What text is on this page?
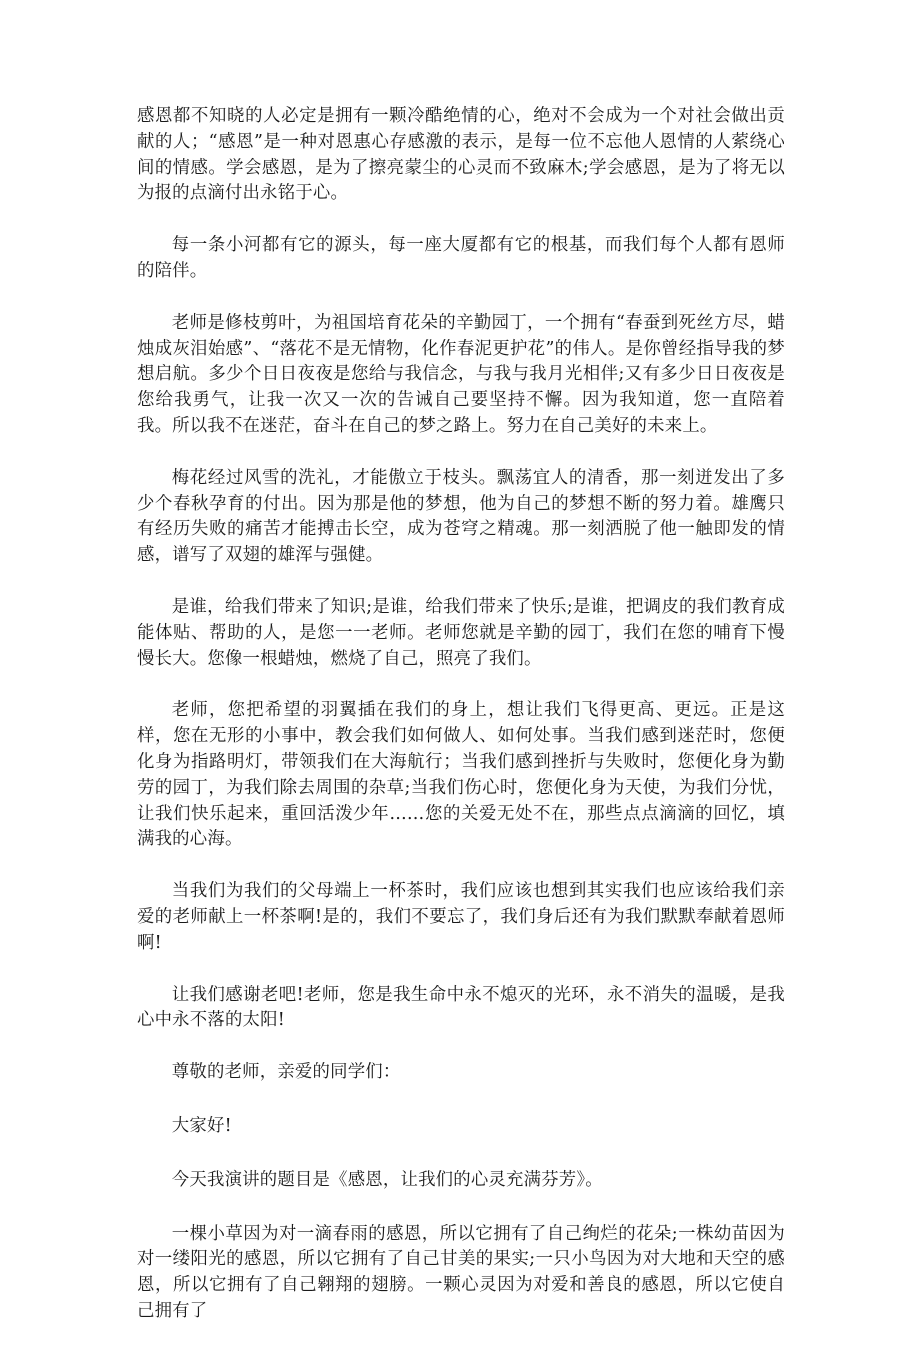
感恩都不知晓的人必定是拥有一颗冷酷绝情的心，绝对不会成为一个对社会做出贡献的人；“感恩”是一种对恩惠心存感激的表示，是每一位不忘他人恩情的人萦绕心间的情感。学会感恩，是为了擦亮蒙尘的心灵而不致麻木;学会感恩，是为了将无以为报的点滴付出永铭于心。

每一条小河都有它的源头，每一座大厦都有它的根基，而我们每个人都有恩师的陪伴。

老师是修枝剪叶，为祖国培育花朵的辛勤园丁，一个拥有“春蚕到死丝方尽，蜡烛成灰泪始感”、“落花不是无情物，化作春泥更护花”的伟人。是你曾经指导我的梦想启航。多少个日日夜夜是您给与我信念，与我与我月光相伴;又有多少日日夜夜是您给我勇气，让我一次又一次的告诫自己要坚持不懈。因为我知道，您一直陪着我。所以我不在迷茫，奋斗在自己的梦之路上。努力在自己美好的未来上。

梅花经过风雪的洗礼，才能傲立于枝头。飘荡宜人的清香，那一刻迸发出了多少个春秋孕育的付出。因为那是他的梦想，他为自己的梦想不断的努力着。雄鹰只有经历失败的痛苦才能搏击长空，成为苍穹之精魂。那一刻洒脱了他一触即发的情感，谱写了双翅的雄浑与强健。

是谁，给我们带来了知识;是谁，给我们带来了快乐;是谁，把调皮的我们教育成能体贴、帮助的人，是您一一老师。老师您就是辛勤的园丁，我们在您的哺育下慢慢长大。您像一根蜡烛，燃烧了自己，照亮了我们。

老师，您把希望的羽翼插在我们的身上，想让我们飞得更高、更远。正是这样，您在无形的小事中，教会我们如何做人、如何处事。当我们感到迷茫时，您便化身为指路明灯，带领我们在大海航行；当我们感到挫折与失败时，您便化身为勤劳的园丁，为我们除去周围的杂草;当我们伤心时，您便化身为天使，为我们分忧，让我们快乐起来，重回活泼少年……您的关爱无处不在，那些点点滴滴的回忆，填满我的心海。

当我们为我们的父母端上一杯茶时，我们应该也想到其实我们也应该给我们亲爱的老师献上一杯茶啊!是的，我们不要忘了，我们身后还有为我们默默奉献着恩师啊!

让我们感谢老吧!老师，您是我生命中永不熄灭的光环，永不消失的温暖，是我心中永不落的太阳!

尊敬的老师，亲爱的同学们：

大家好!

今天我演讲的题目是《感恩，让我们的心灵充满芬芳》。

一棵小草因为对一滴春雨的感恩，所以它拥有了自己绚烂的花朵;一株幼苗因为对一缕阳光的感恩，所以它拥有了自己甘美的果实;一只小鸟因为对大地和天空的感恩，所以它拥有了自己翱翔的翅膀。一颗心灵因为对爱和善良的感恩，所以它使自己拥有了
